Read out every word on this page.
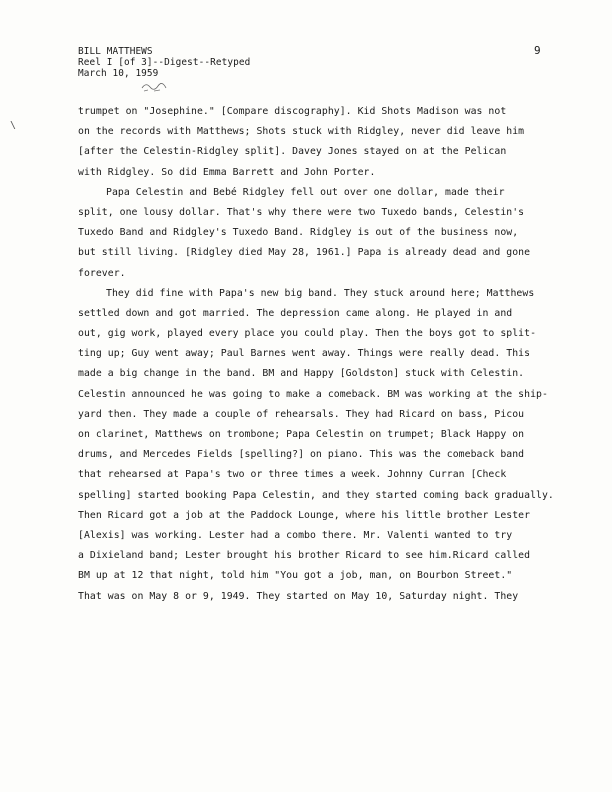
BILL MATTHEWS
Reel I [of 3]--Digest--Retyped
March 10, 1959
9
\
trumpet on "Josephine." [Compare discography]. Kid Shots Madison was not
on the records with Matthews; Shots stuck with Ridgley, never did leave him
[after the Celestin-Ridgley split]. Davey Jones stayed on at the Pelican
with Ridgley. So did Emma Barrett and John Porter.
Papa Celestin and Bebé Ridgley fell out over one dollar, made their
split, one lousy dollar. That's why there were two Tuxedo bands, Celestin's
Tuxedo Band and Ridgley's Tuxedo Band. Ridgley is out of the business now,
but still living. [Ridgley died May 28, 1961.] Papa is already dead and gone
forever.
They did fine with Papa's new big band. They stuck around here; Matthews
settled down and got married. The depression came along. He played in and
out, gig work, played every place you could play. Then the boys got to split-
ting up; Guy went away; Paul Barnes went away. Things were really dead. This
made a big change in the band. BM and Happy [Goldston] stuck with Celestin.
Celestin announced he was going to make a comeback. BM was working at the ship-
yard then. They made a couple of rehearsals. They had Ricard on bass, Picou
on clarinet, Matthews on trombone; Papa Celestin on trumpet; Black Happy on
drums, and Mercedes Fields [spelling?] on piano. This was the comeback band
that rehearsed at Papa's two or three times a week. Johnny Curran [Check
spelling] started booking Papa Celestin, and they started coming back gradually.
Then Ricard got a job at the Paddock Lounge, where his little brother Lester
[Alexis] was working. Lester had a combo there. Mr. Valenti wanted to try
a Dixieland band; Lester brought his brother Ricard to see him.Ricard called
BM up at 12 that night, told him "You got a job, man, on Bourbon Street."
That was on May 8 or 9, 1949. They started on May 10, Saturday night. They
